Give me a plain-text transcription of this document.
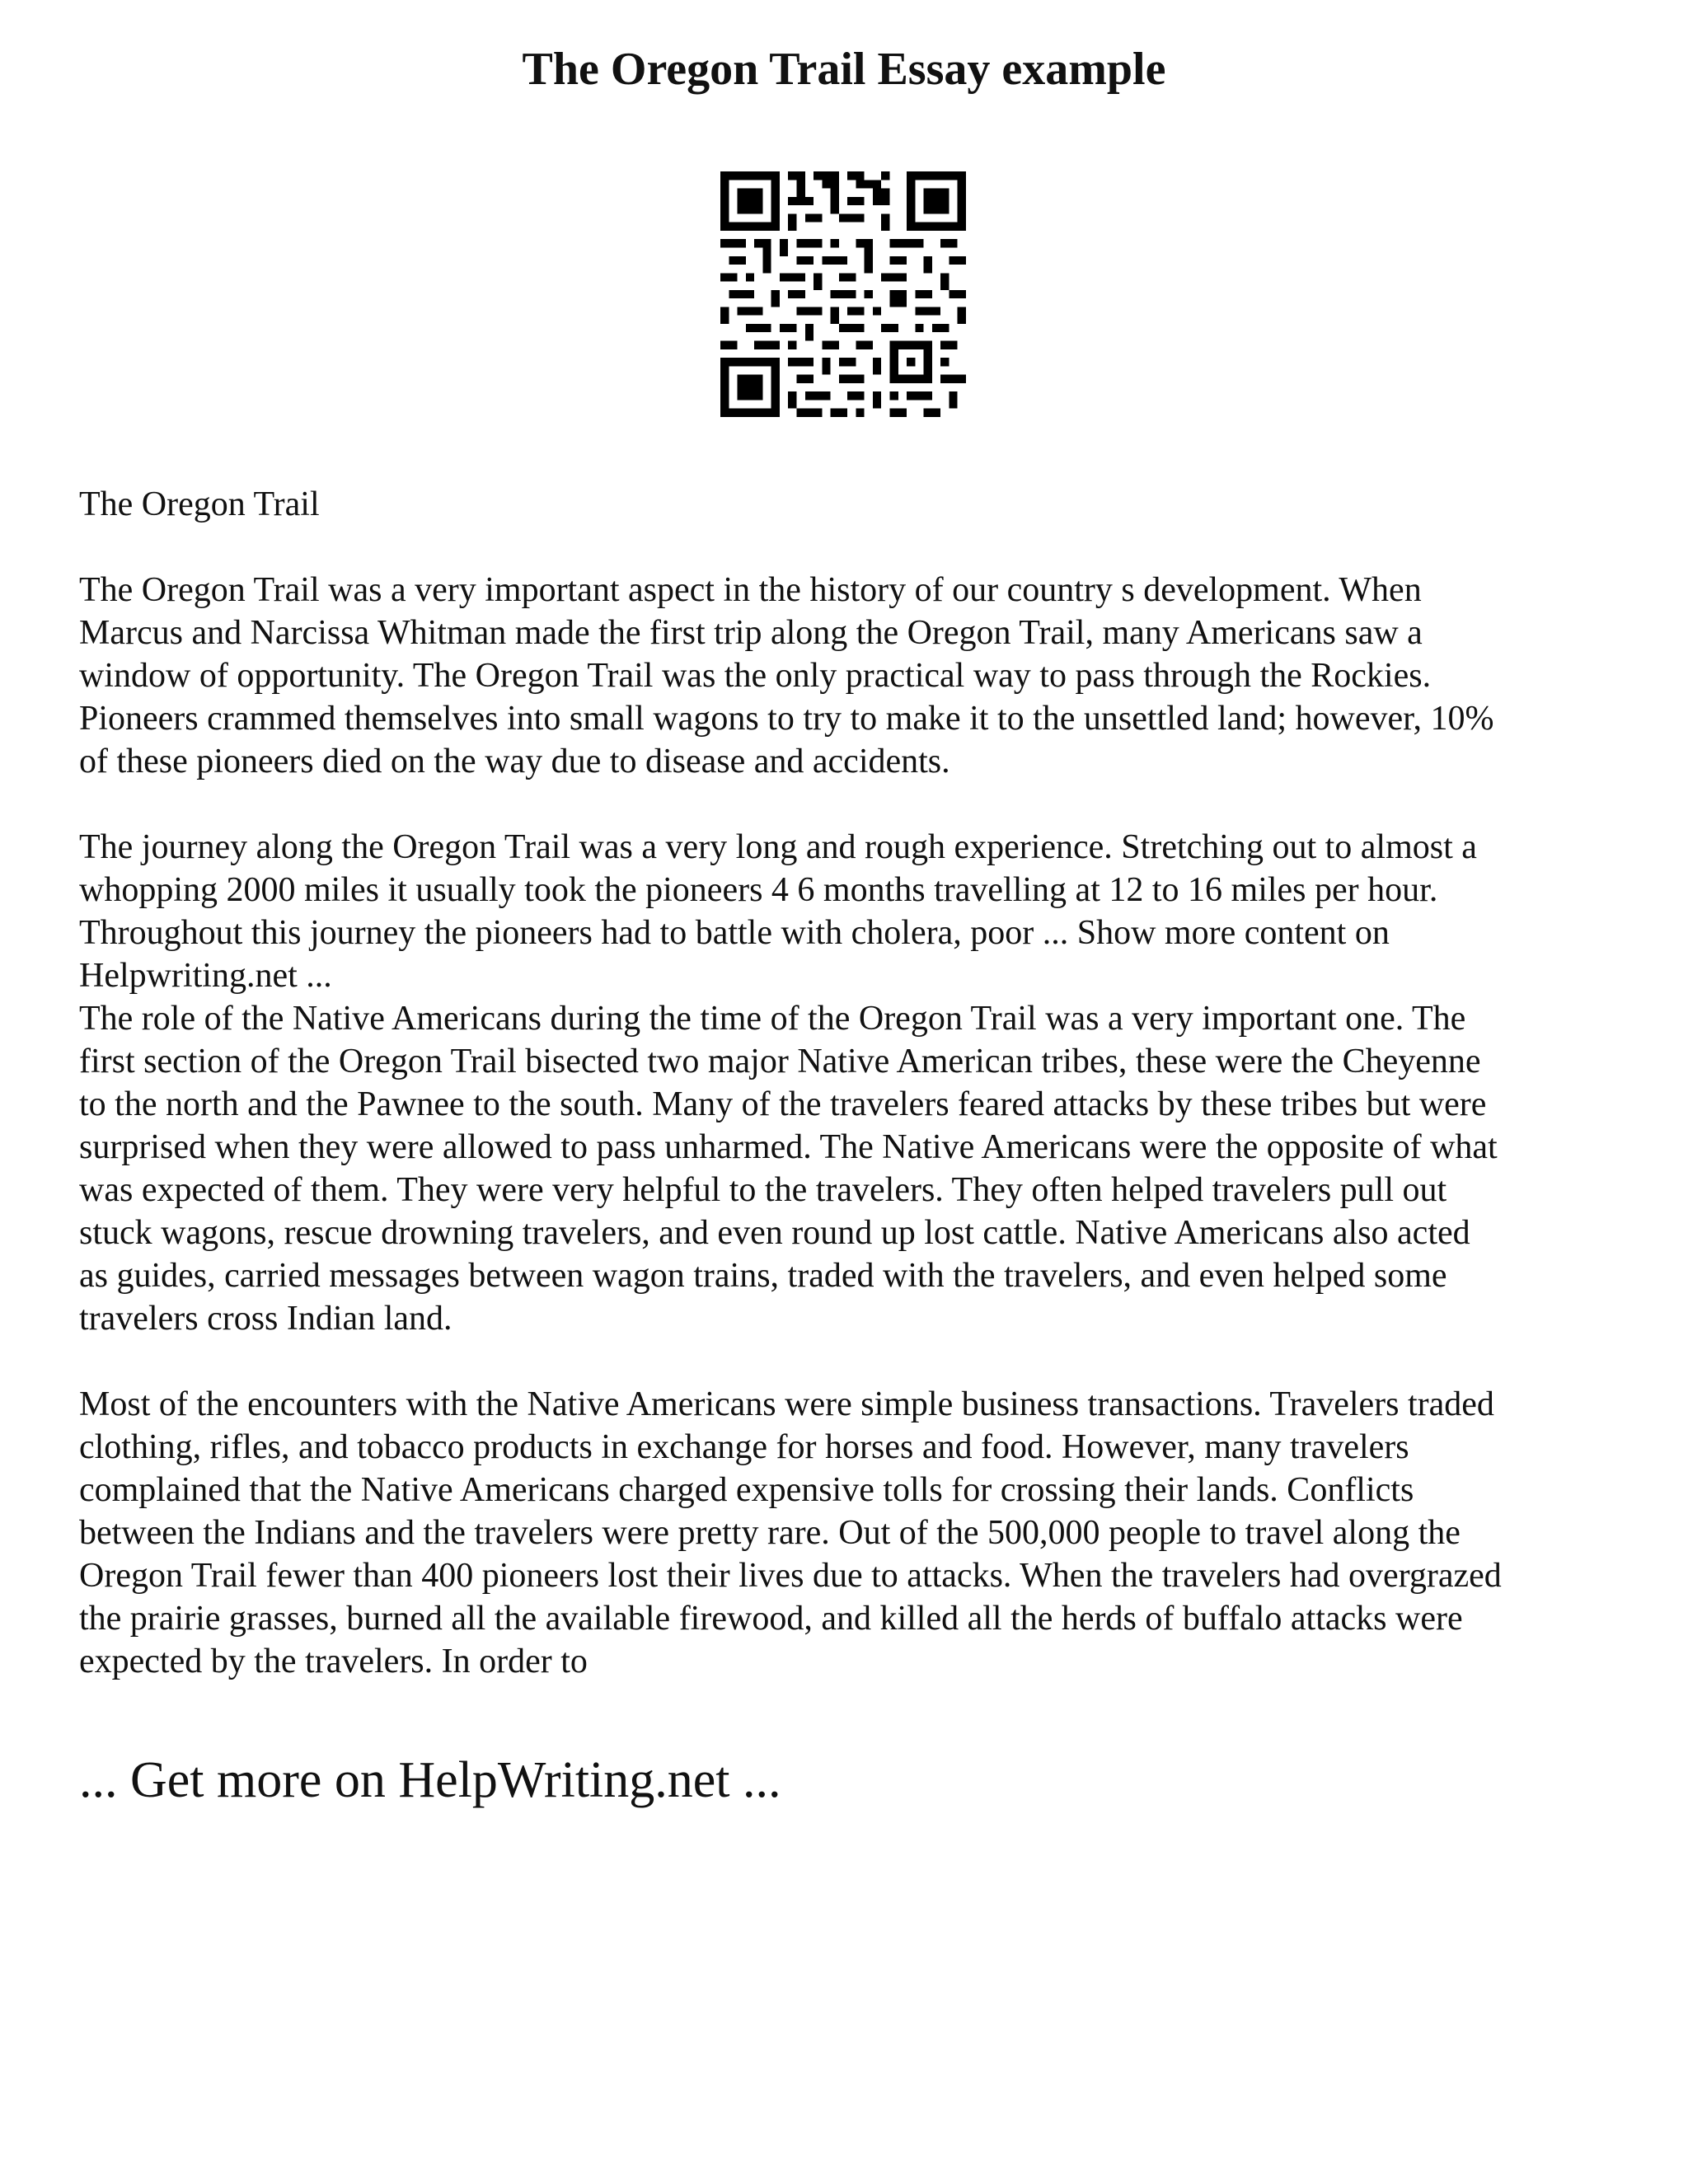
The Oregon Trail Essay example

The Oregon Trail

The Oregon Trail was a very important aspect in the history of our country s development. When
Marcus and Narcissa Whitman made the first trip along the Oregon Trail, many Americans saw a
window of opportunity. The Oregon Trail was the only practical way to pass through the Rockies.
Pioneers crammed themselves into small wagons to try to make it to the unsettled land; however, 10%
of these pioneers died on the way due to disease and accidents.

The journey along the Oregon Trail was a very long and rough experience. Stretching out to almost a
whopping 2000 miles it usually took the pioneers 4 6 months travelling at 12 to 16 miles per hour.
Throughout this journey the pioneers had to battle with cholera, poor ... Show more content on
Helpwriting.net ...

The role of the Native Americans during the time of the Oregon Trail was a very important one. The
first section of the Oregon Trail bisected two major Native American tribes, these were the Cheyenne
to the north and the Pawnee to the south. Many of the travelers feared attacks by these tribes but were
surprised when they were allowed to pass unharmed. The Native Americans were the opposite of what
was expected of them. They were very helpful to the travelers. They often helped travelers pull out
stuck wagons, rescue drowning travelers, and even round up lost cattle. Native Americans also acted
as guides, carried messages between wagon trains, traded with the travelers, and even helped some
travelers cross Indian land.

Most of the encounters with the Native Americans were simple business transactions. Travelers traded
clothing, rifles, and tobacco products in exchange for horses and food. However, many travelers
complained that the Native Americans charged expensive tolls for crossing their lands. Conflicts
between the Indians and the travelers were pretty rare. Out of the 500,000 people to travel along the
Oregon Trail fewer than 400 pioneers lost their lives due to attacks. When the travelers had overgrazed
the prairie grasses, burned all the available firewood, and killed all the herds of buffalo attacks were
expected by the travelers. In order to

... Get more on HelpWriting.net ...
